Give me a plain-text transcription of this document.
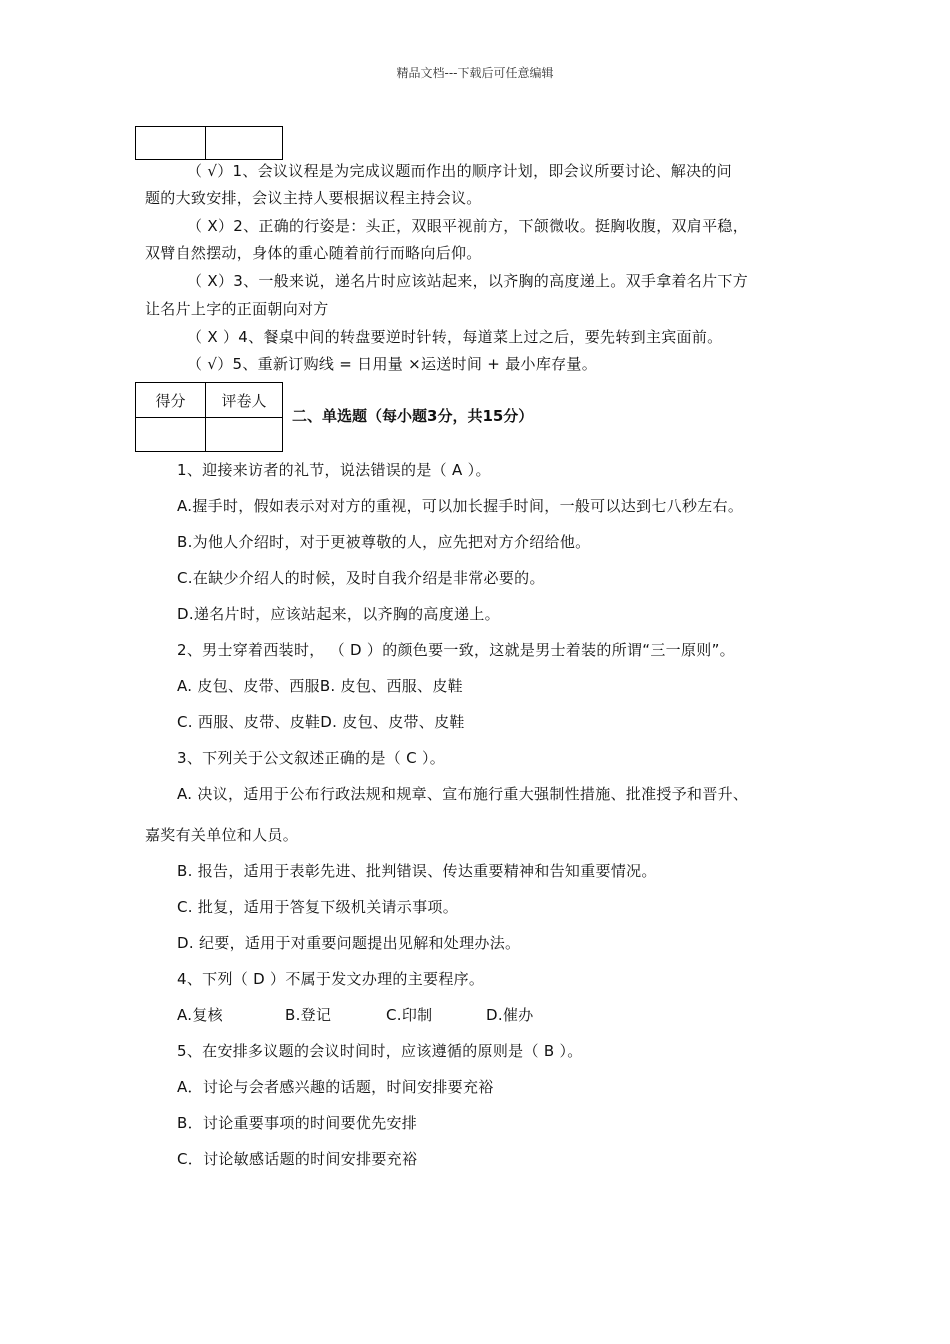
精品文档---下载后可任意编辑

（ √）1、会议议程是为完成议题而作出的顺序计划，即会议所要讨论、解决的问
题的大致安排，会议主持人要根据议程主持会议。
（ X）2、正确的行姿是：头正，双眼平视前方，下颌微收。挺胸收腹，双肩平稳，
双臂自然摆动，身体的重心随着前行而略向后仰。
（ X）3、一般来说，递名片时应该站起来，以齐胸的高度递上。双手拿着名片下方
让名片上字的正面朝向对方
（ X ）4、餐桌中间的转盘要逆时针转，每道菜上过之后，要先转到主宾面前。
（ √）5、重新订购线 = 日用量 ×运送时间 + 最小库存量。
得分	评卷人

二、单选题（每小题3分，共15分）
1、迎接来访者的礼节，说法错误的是（ A ）。
A.握手时，假如表示对对方的重视，可以加长握手时间，一般可以达到七八秒左右。
B.为他人介绍时，对于更被尊敬的人，应先把对方介绍给他。
C.在缺少介绍人的时候，及时自我介绍是非常必要的。
D.递名片时，应该站起来，以齐胸的高度递上。
2、男士穿着西装时， （ D ）的颜色要一致，这就是男士着装的所谓“三一原则”。
A. 皮包、皮带、西服B. 皮包、西服、皮鞋
C. 西服、皮带、皮鞋D. 皮包、皮带、皮鞋
3、下列关于公文叙述正确的是（ C ）。
A. 决议，适用于公布行政法规和规章、宣布施行重大强制性措施、批准授予和晋升、
嘉奖有关单位和人员。
B. 报告，适用于表彰先进、批判错误、传达重要精神和告知重要情况。
C. 批复，适用于答复下级机关请示事项。
D. 纪要，适用于对重要问题提出见解和处理办法。
4、下列（ D ）不属于发文办理的主要程序。
A.复核	B.登记	C.印制	D.催办
5、在安排多议题的会议时间时，应该遵循的原则是（ B ）。
A．讨论与会者感兴趣的话题，时间安排要充裕
B．讨论重要事项的时间要优先安排
C．讨论敏感话题的时间安排要充裕
